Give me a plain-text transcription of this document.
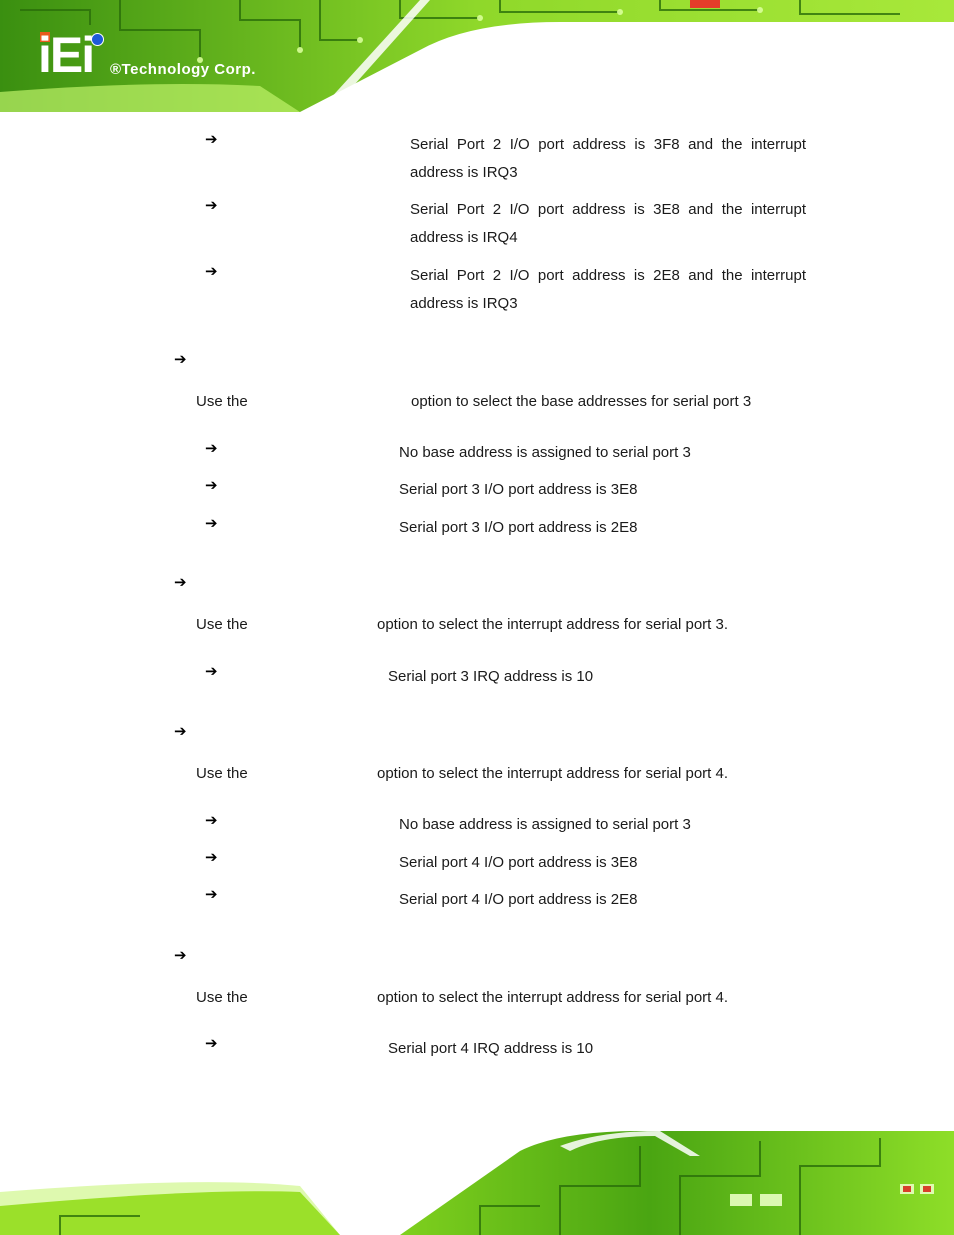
iEi ®Technology Corp.
➔	Serial Port 2 I/O port address is 3F8 and the interrupt address is IRQ3
➔	Serial Port 2 I/O port address is 3E8 and the interrupt address is IRQ4
➔	Serial Port 2 I/O port address is 2E8 and the interrupt address is IRQ3
➔
Use the	option to select the base addresses for serial port 3
➔	No base address is assigned to serial port 3
➔	Serial port 3 I/O port address is 3E8
➔	Serial port 3 I/O port address is 2E8
➔
Use the	option to select the interrupt address for serial port 3.
➔	Serial port 3 IRQ address is 10
➔
Use the	option to select the interrupt address for serial port 4.
➔	No base address is assigned to serial port 3
➔	Serial port 4 I/O port address is 3E8
➔	Serial port 4 I/O port address is 2E8
➔
Use the	option to select the interrupt address for serial port 4.
➔	Serial port 4 IRQ address is 10
